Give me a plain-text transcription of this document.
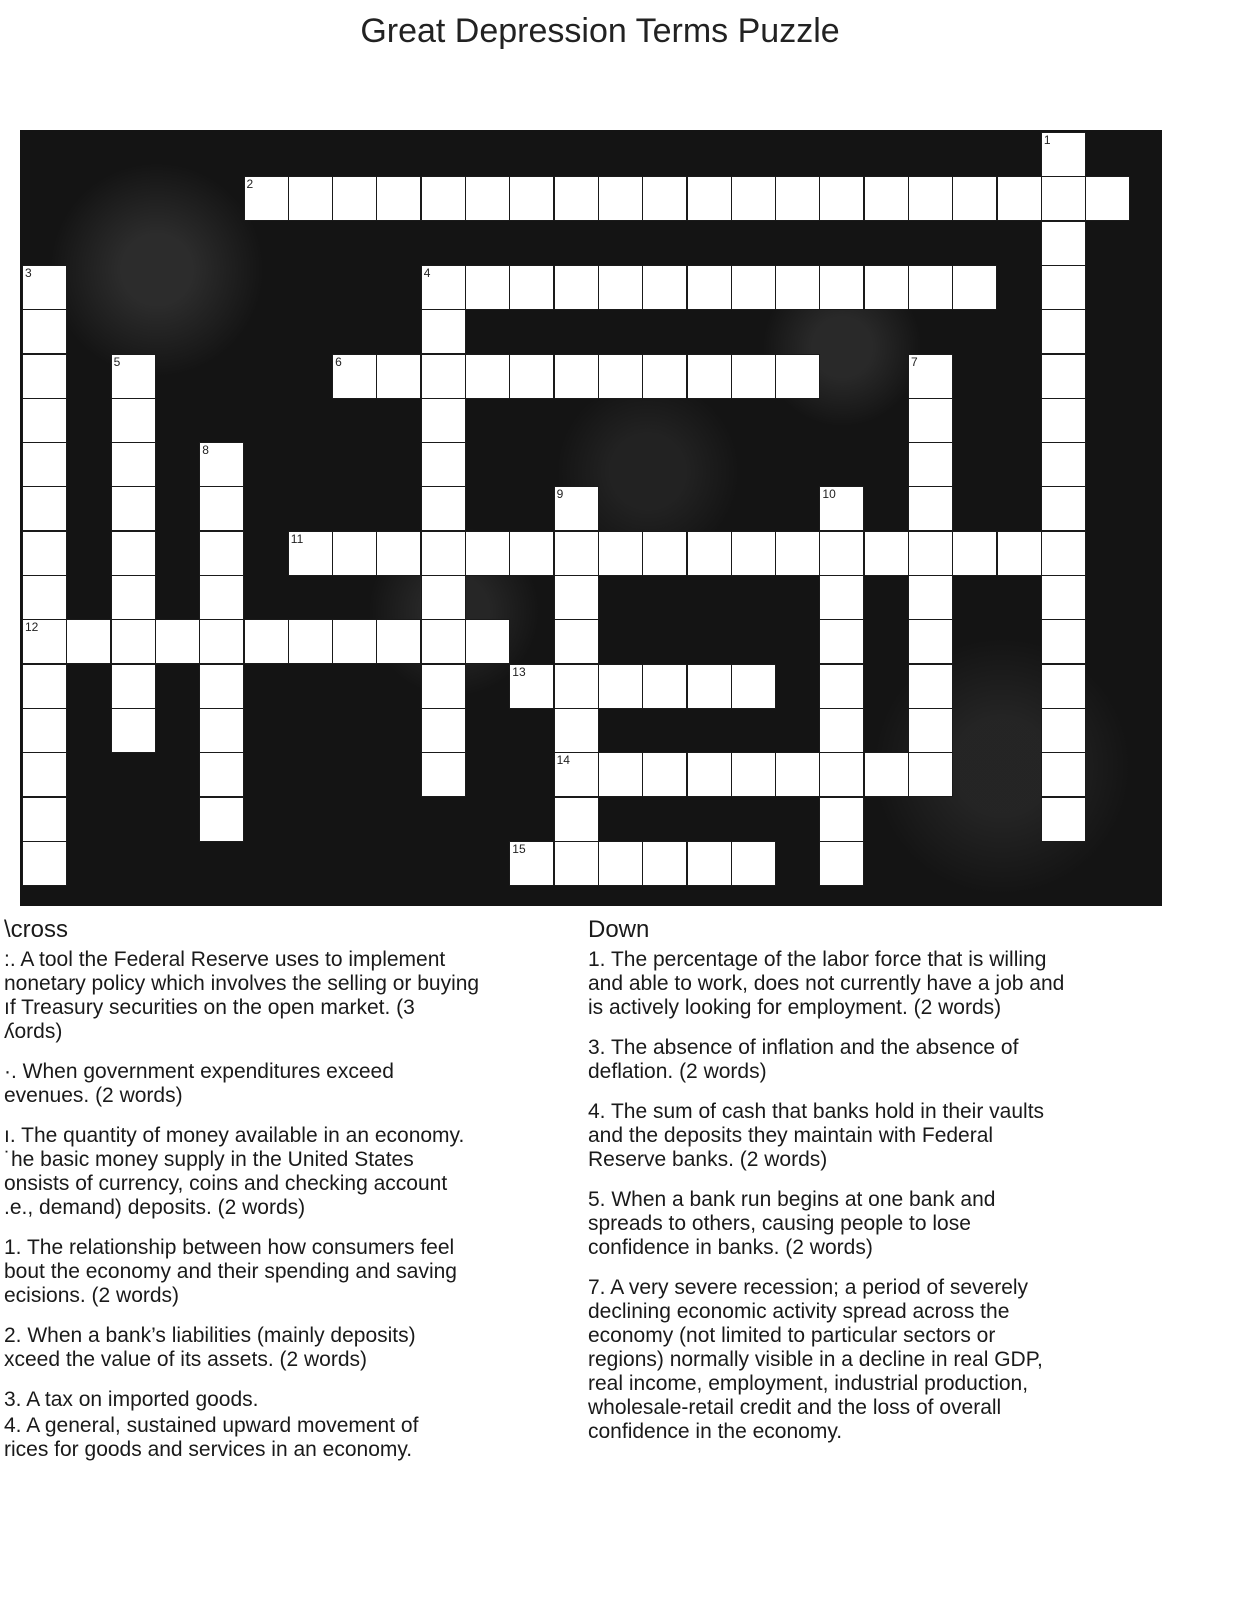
Great Depression Terms Puzzle
1
2
3
12
4
5	6	7
8
9
14
10
11
13
15
\cross
:. A tool the Federal Reserve uses to implement
nonetary policy which involves the selling or buying
ıf Treasury securities on the open market. (3
ʎords)
·. When government expenditures exceed
evenues. (2 words)
ı. The quantity of money available in an economy.
˙he basic money supply in the United States
onsists of currency, coins and checking account
.e., demand) deposits. (2 words)
1. The relationship between how consumers feel
bout the economy and their spending and saving
ecisions. (2 words)
2. When a bank’s liabilities (mainly deposits)
xceed the value of its assets. (2 words)
3. A tax on imported goods.
4. A general, sustained upward movement of
rices for goods and services in an economy.
Down
1. The percentage of the labor force that is willing
and able to work, does not currently have a job and
is actively looking for employment. (2 words)
3. The absence of inflation and the absence of
deflation. (2 words)
4. The sum of cash that banks hold in their vaults
and the deposits they maintain with Federal
Reserve banks. (2 words)
5. When a bank run begins at one bank and
spreads to others, causing people to lose
confidence in banks. (2 words)
7. A very severe recession; a period of severely
declining economic activity spread across the
economy (not limited to particular sectors or
regions) normally visible in a decline in real GDP,
real income, employment, industrial production,
wholesale-retail credit and the loss of overall
confidence in the economy.
